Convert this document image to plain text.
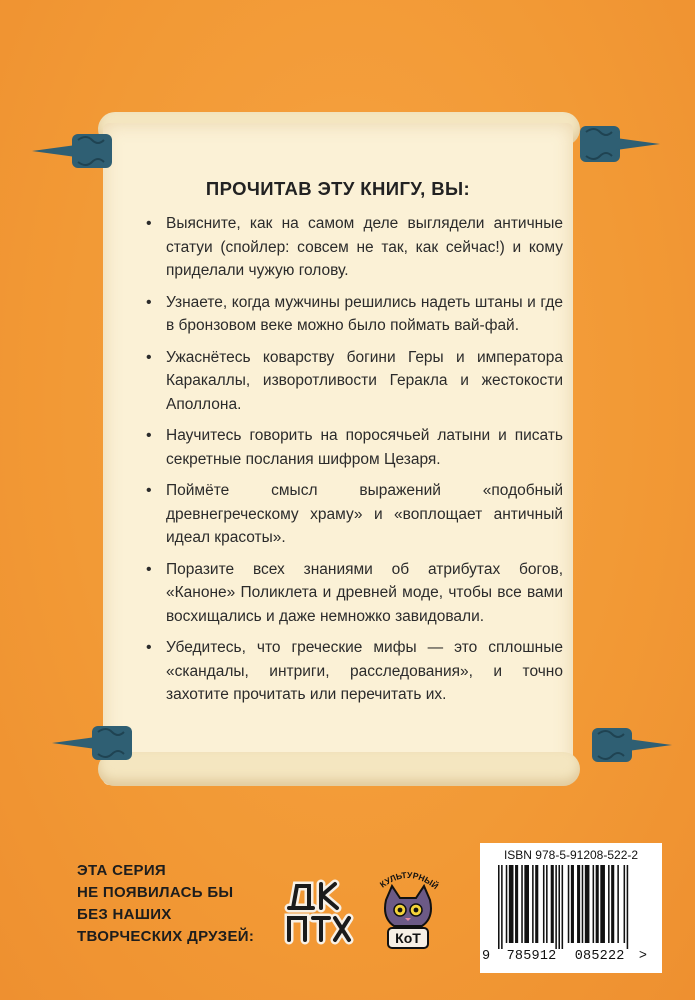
ПРОЧИТАВ ЭТУ КНИГУ, ВЫ:
• Выясните, как на самом деле выглядели античные статуи (спойлер: совсем не так, как сейчас!) и кому приделали чужую голову.
• Узнаете, когда мужчины решились надеть штаны и где в бронзовом веке можно было поймать вай-фай.
• Ужаснётесь коварству богини Геры и императора Каракаллы, изворотливости Геракла и жестокости Аполлона.
• Научитесь говорить на поросячьей латыни и писать секретные послания шифром Цезаря.
• Поймёте смысл выражений «подобный древнегреческому храму» и «воплощает античный идеал красоты».
• Поразите всех знаниями об атрибутах богов, «Каноне» Поликлета и древней моде, чтобы все вами восхищались и даже немножко завидовали.
• Убедитесь, что греческие мифы — это сплошные «скандалы, интриги, расследования», и точно захотите прочитать или перечитать их.
ЭТА СЕРИЯ
НЕ ПОЯВИЛАСЬ БЫ
БЕЗ НАШИХ
ТВОРЧЕСКИХ ДРУЗЕЙ:
КУЛЬТУРНЫЙ
КоТ
ISBN 978-5-91208-522-2
9 785912 085222 >
